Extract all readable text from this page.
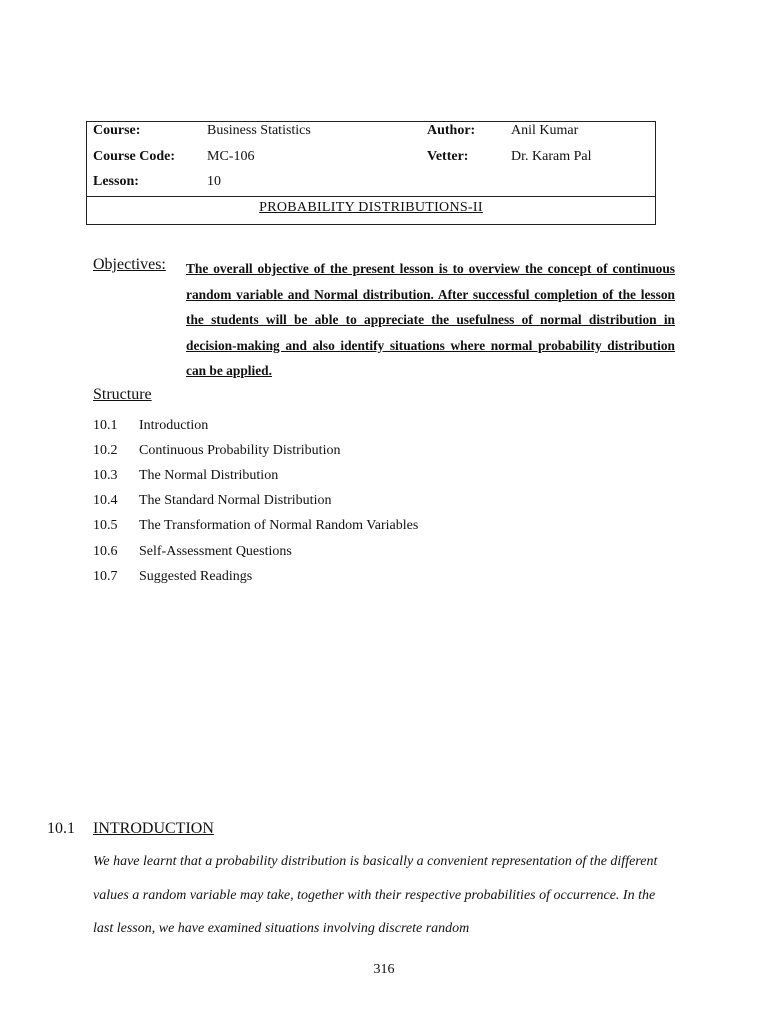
Course:	Business Statistics	Author:	Anil Kumar
Course Code: MC-106	Vetter:	Dr. Karam Pal
Lesson:	10
PROBABILITY DISTRIBUTIONS-II
Objectives: The overall objective of the present lesson is to overview the concept of continuous random variable and Normal distribution. After successful completion of the lesson the students will be able to appreciate the usefulness of normal distribution in decision-making and also identify situations where normal probability distribution can be applied.
Structure
10.1	Introduction
10.2	Continuous Probability Distribution
10.3	The Normal Distribution
10.4	The Standard Normal Distribution
10.5	The Transformation of Normal Random Variables
10.6	Self-Assessment Questions
10.7	Suggested Readings
10.1 INTRODUCTION
We have learnt that a probability distribution is basically a convenient representation of the different values a random variable may take, together with their respective probabilities of occurrence. In the last lesson, we have examined situations involving discrete random
316
